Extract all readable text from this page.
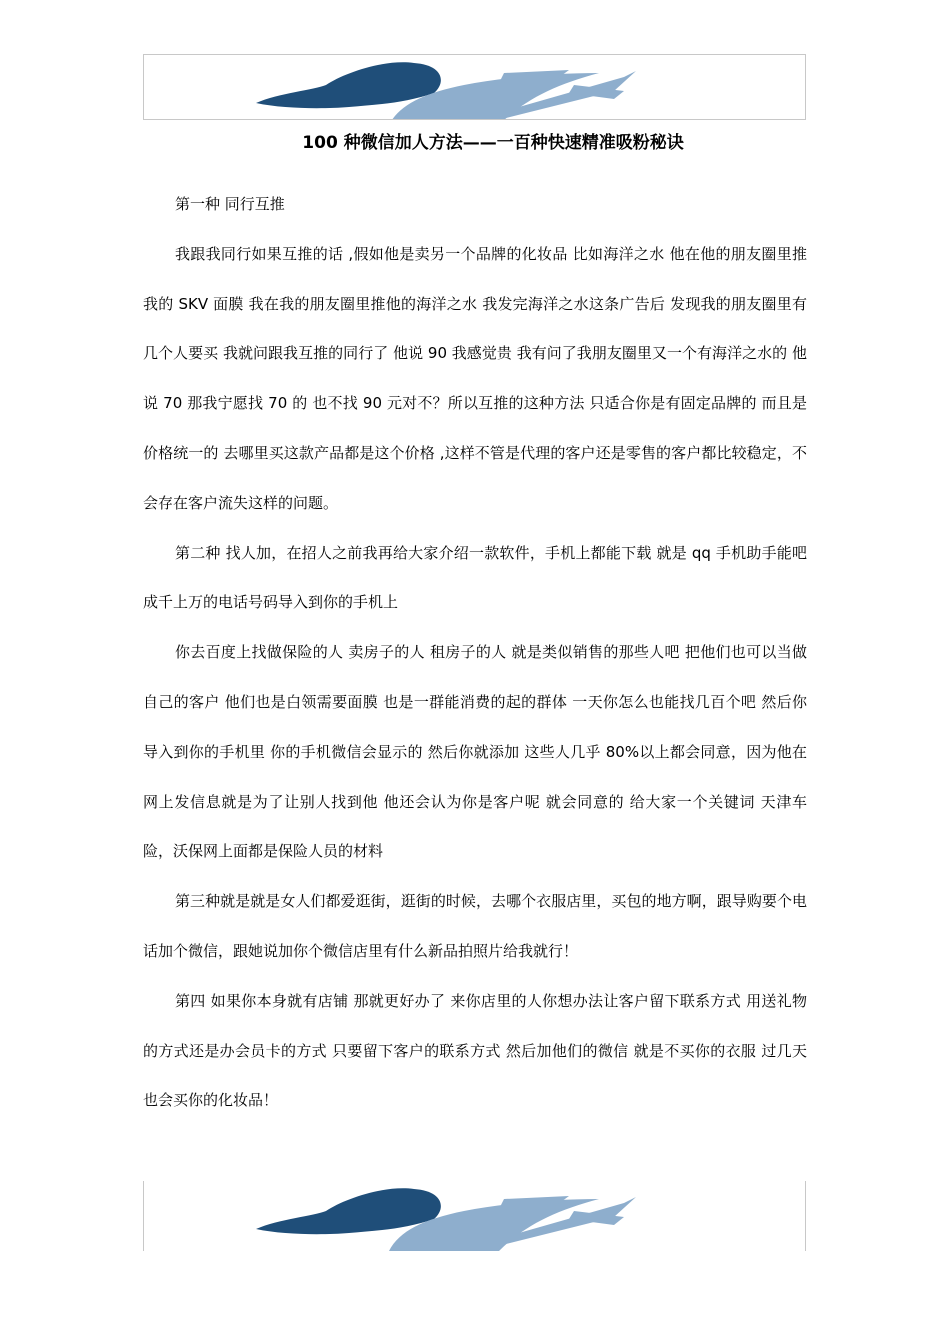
100 种微信加人方法——一百种快速精准吸粉秘诀

第一种 同行互推

我跟我同行如果互推的话 ,假如他是卖另一个品牌的化妆品 比如海洋之水 他在他的朋友圈里推我的 SKV 面膜 我在我的朋友圈里推他的海洋之水 我发完海洋之水这条广告后 发现我的朋友圈里有几个人要买 我就问跟我互推的同行了 他说 90 我感觉贵 我有问了我朋友圈里又一个有海洋之水的 他说 70 那我宁愿找 70 的 也不找 90 元对不？所以互推的这种方法 只适合你是有固定品牌的 而且是价格统一的 去哪里买这款产品都是这个价格 ,这样不管是代理的客户还是零售的客户都比较稳定，不会存在客户流失这样的问题。

第二种 找人加，在招人之前我再给大家介绍一款软件，手机上都能下载 就是 qq 手机助手能吧成千上万的电话号码导入到你的手机上

你去百度上找做保险的人 卖房子的人 租房子的人 就是类似销售的那些人吧 把他们也可以当做自己的客户 他们也是白领需要面膜 也是一群能消费的起的群体 一天你怎么也能找几百个吧 然后你导入到你的手机里 你的手机微信会显示的 然后你就添加 这些人几乎 80%以上都会同意，因为他在网上发信息就是为了让别人找到他 他还会认为你是客户呢 就会同意的 给大家一个关键词 天津车险，沃保网上面都是保险人员的材料

第三种就是就是女人们都爱逛街，逛街的时候，去哪个衣服店里，买包的地方啊，跟导购要个电话加个微信，跟她说加你个微信店里有什么新品拍照片给我就行！

第四 如果你本身就有店铺 那就更好办了 来你店里的人你想办法让客户留下联系方式 用送礼物的方式还是办会员卡的方式 只要留下客户的联系方式 然后加他们的微信 就是不买你的衣服 过几天也会买你的化妆品！
